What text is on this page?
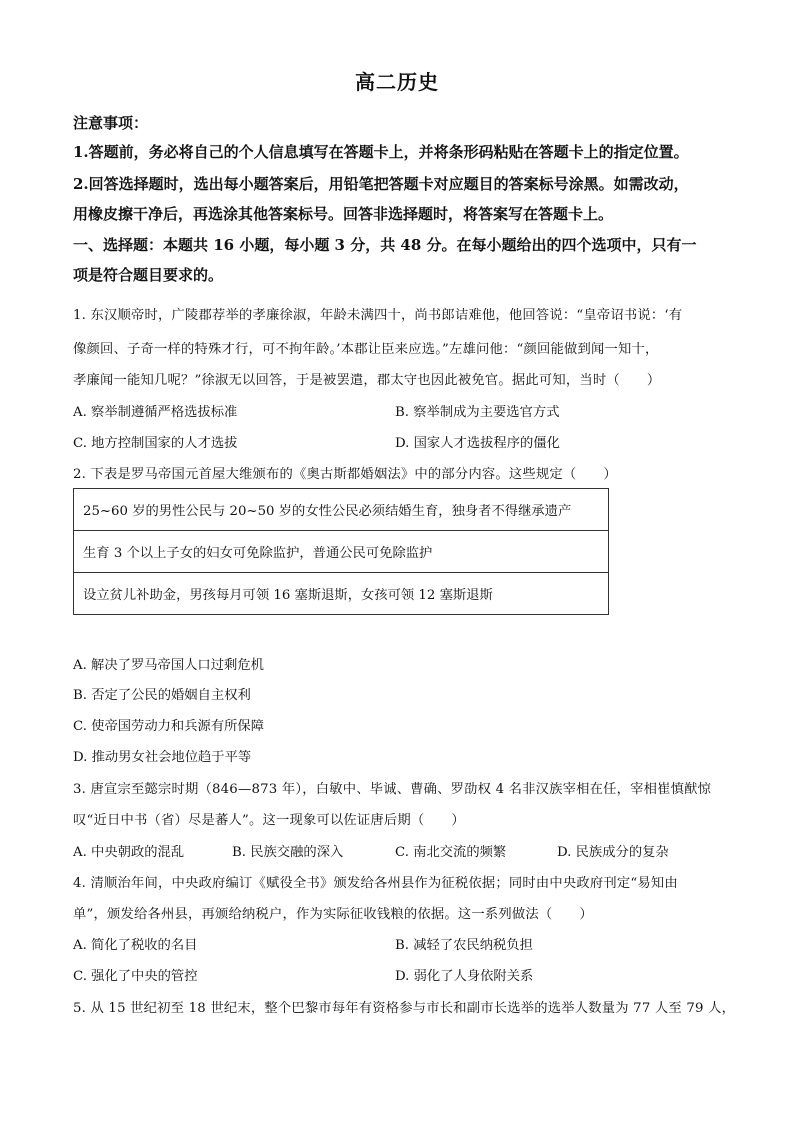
高二历史
注意事项：
1.答题前，务必将自己的个人信息填写在答题卡上，并将条形码粘贴在答题卡上的指定位置。
2.回答选择题时，选出每小题答案后，用铅笔把答题卡对应题目的答案标号涂黑。如需改动，
用橡皮擦干净后，再选涂其他答案标号。回答非选择题时，将答案写在答题卡上。
一、选择题：本题共 16 小题，每小题 3 分，共 48 分。在每小题给出的四个选项中，只有一
项是符合题目要求的。
1. 东汉顺帝时，广陵郡荐举的孝廉徐淑，年龄未满四十，尚书郎诘难他，他回答说：“皇帝诏书说：‘有
像颜回、子奇一样的特殊才行，可不拘年龄。’本郡让臣来应选。”左雄问他：“颜回能做到闻一知十，
孝廉闻一能知几呢？”徐淑无以回答，于是被罢遣，郡太守也因此被免官。据此可知，当时（　　）
A. 察举制遵循严格选拔标准	B. 察举制成为主要选官方式
C. 地方控制国家的人才选拔	D. 国家人才选拔程序的僵化
2. 下表是罗马帝国元首屋大维颁布的《奥古斯都婚姻法》中的部分内容。这些规定（　　）
25~60 岁的男性公民与 20~50 岁的女性公民必须结婚生育，独身者不得继承遗产
生育 3 个以上子女的妇女可免除监护，普通公民可免除监护
设立贫儿补助金，男孩每月可领 16 塞斯退斯，女孩可领 12 塞斯退斯
A. 解决了罗马帝国人口过剩危机
B. 否定了公民的婚姻自主权利
C. 使帝国劳动力和兵源有所保障
D. 推动男女社会地位趋于平等
3. 唐宣宗至懿宗时期（846—873 年），白敏中、毕诚、曹确、罗劭权 4 名非汉族宰相在任，宰相崔慎猷惊
叹“近日中书（省）尽是蕃人”。这一现象可以佐证唐后期（　　）
A. 中央朝政的混乱	B. 民族交融的深入	C. 南北交流的频繁	D. 民族成分的复杂
4. 清顺治年间，中央政府编订《赋役全书》颁发给各州县作为征税依据；同时由中央政府刊定“易知由
单”，颁发给各州县，再颁给纳税户，作为实际征收钱粮的依据。这一系列做法（　　）
A. 简化了税收的名目	B. 减轻了农民纳税负担
C. 强化了中央的管控	D. 弱化了人身依附关系
5. 从 15 世纪初至 18 世纪末，整个巴黎市每年有资格参与市长和副市长选举的选举人数量为 77 人至 79 人，
